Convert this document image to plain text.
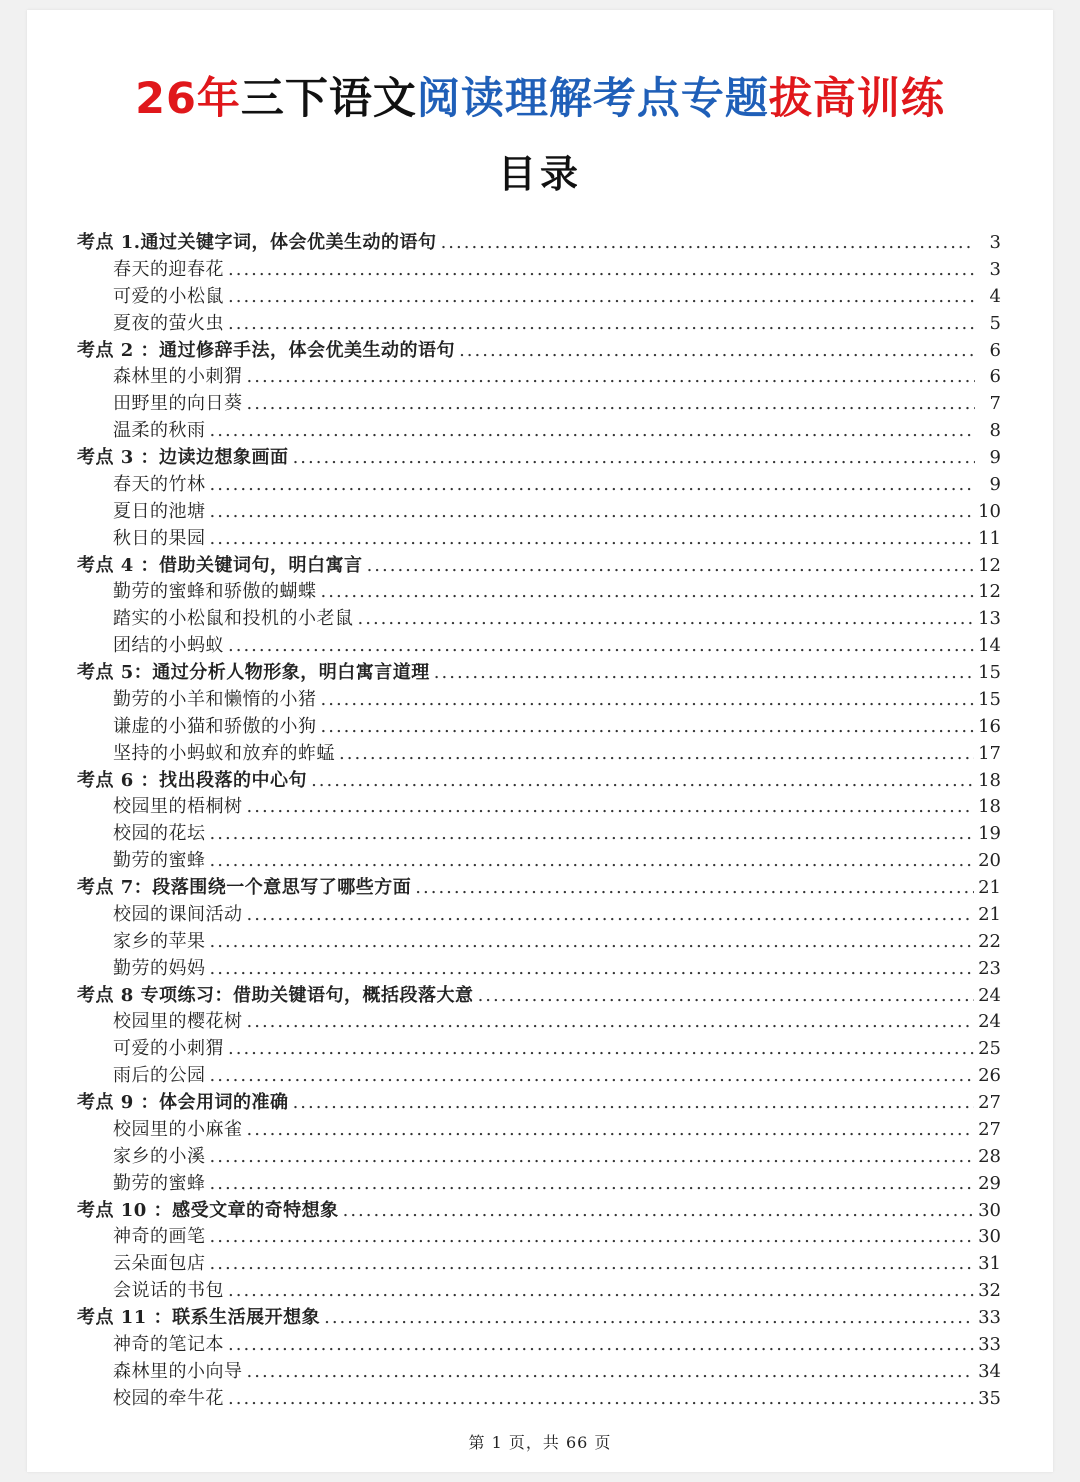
26年三下语文阅读理解考点专题拔高训练
目录
考点 1.通过关键字词，体会优美生动的语句 .....	3
春天的迎春花 .....	3
可爱的小松鼠 .....	4
夏夜的萤火虫 .....	5
考点 2 ：通过修辞手法，体会优美生动的语句 .....	6
森林里的小刺猬 .....	6
田野里的向日葵 .....	7
温柔的秋雨 .....	8
考点 3 ：边读边想象画面 .....	9
春天的竹林 .....	9
夏日的池塘 .....	10
秋日的果园 .....	11
考点 4 ：借助关键词句，明白寓言 .....	12
勤劳的蜜蜂和骄傲的蝴蝶 .....	12
踏实的小松鼠和投机的小老鼠 .....	13
团结的小蚂蚁 .....	14
考点 5：通过分析人物形象，明白寓言道理 .....	15
勤劳的小羊和懒惰的小猪 .....	15
谦虚的小猫和骄傲的小狗 .....	16
坚持的小蚂蚁和放弃的蚱蜢 .....	17
考点 6 ：找出段落的中心句 .....	18
校园里的梧桐树 .....	18
校园的花坛 .....	19
勤劳的蜜蜂 .....	20
考点 7：段落围绕一个意思写了哪些方面 .....	21
校园的课间活动 .....	21
家乡的苹果 .....	22
勤劳的妈妈 .....	23
考点 8 专项练习：借助关键语句，概括段落大意 .....	24
校园里的樱花树 .....	24
可爱的小刺猬 .....	25
雨后的公园 .....	26
考点 9 ：体会用词的准确 .....	27
校园里的小麻雀 .....	27
家乡的小溪 .....	28
勤劳的蜜蜂 .....	29
考点 10 ：感受文章的奇特想象 .....	30
神奇的画笔 .....	30
云朵面包店 .....	31
会说话的书包 .....	32
考点 11 ：联系生活展开想象 .....	33
神奇的笔记本 .....	33
森林里的小向导 .....	34
校园的牵牛花 .....	35
第 1 页，共 66 页
